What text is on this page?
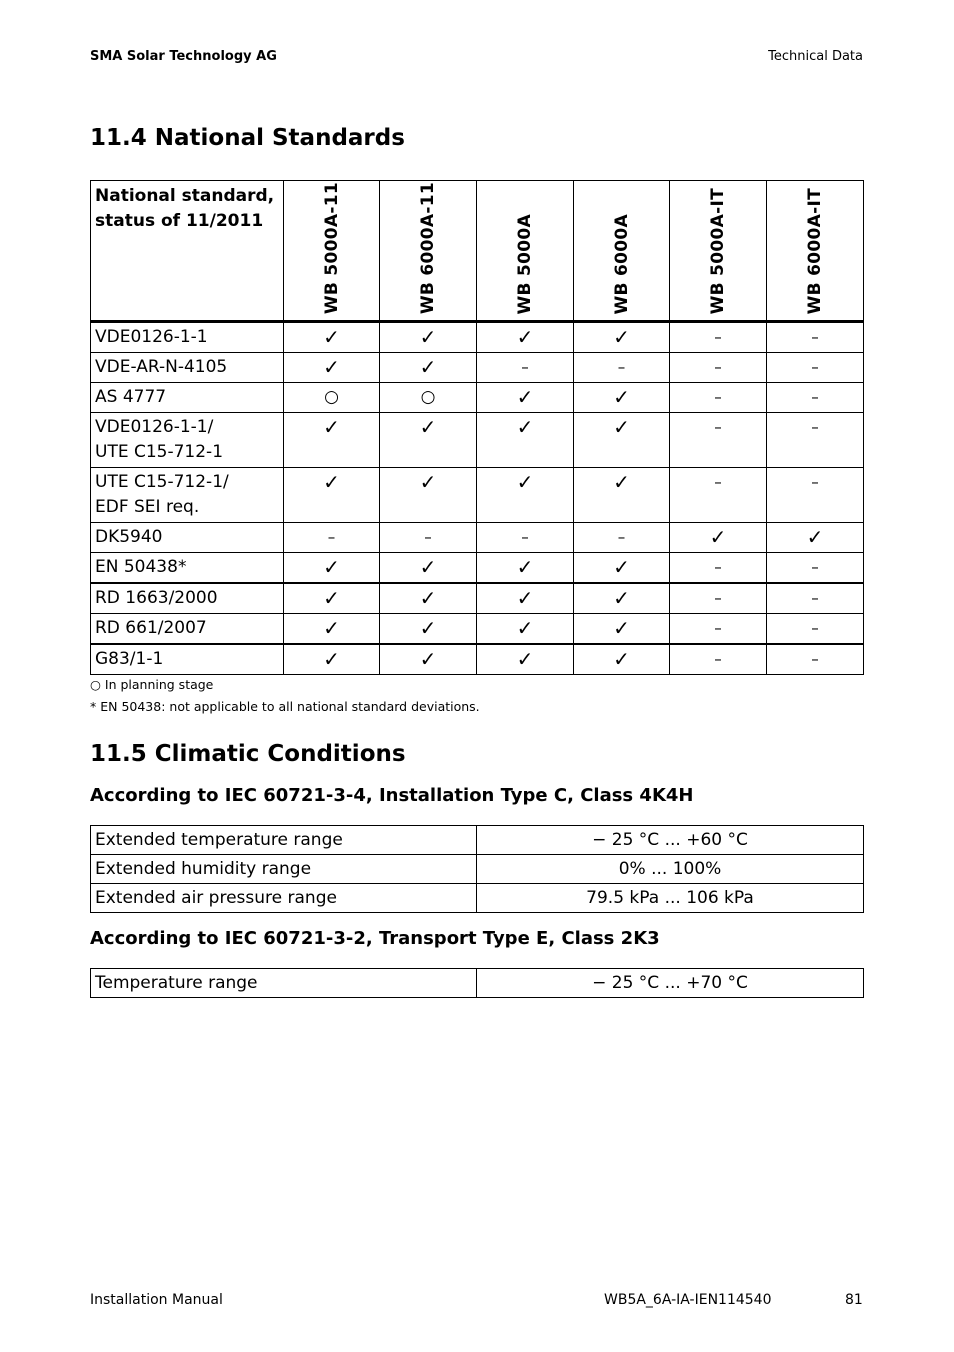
SMA Solar Technology AG	Technical Data
11.4 National Standards
National standard, status of 11/2011	WB 5000A-11	WB 6000A-11	WB 5000A	WB 6000A	WB 5000A-IT	WB 6000A-IT

VDE0126-1-1	✓	✓	✓	✓	–	–

VDE-AR-N-4105	✓	✓	–	–	–	–

AS 4777	○	○	✓	✓	–	–

VDE0126-1-1/
UTE C15-712-1	✓	✓	✓	✓	–	–

UTE C15-712-1/
EDF SEI req.	✓	✓	✓	✓	–	–

DK5940	–	–	–	–	✓	✓

EN 50438*	✓	✓	✓	✓	–	–

RD 1663/2000	✓	✓	✓	✓	–	–

RD 661/2007	✓	✓	✓	✓	–	–

G83/1-1	✓	✓	✓	✓	–	–
○ In planning stage
* EN 50438: not applicable to all national standard deviations.
11.5 Climatic Conditions
According to IEC 60721-3-4, Installation Type C, Class 4K4H
Extended temperature range	− 25 °C ... +60 °C
Extended humidity range	0% ... 100%
Extended air pressure range	79.5 kPa ... 106 kPa
According to IEC 60721-3-2, Transport Type E, Class 2K3
Temperature range	− 25 °C ... +70 °C
Installation Manual	WB5A_6A-IA-IEN114540	81
